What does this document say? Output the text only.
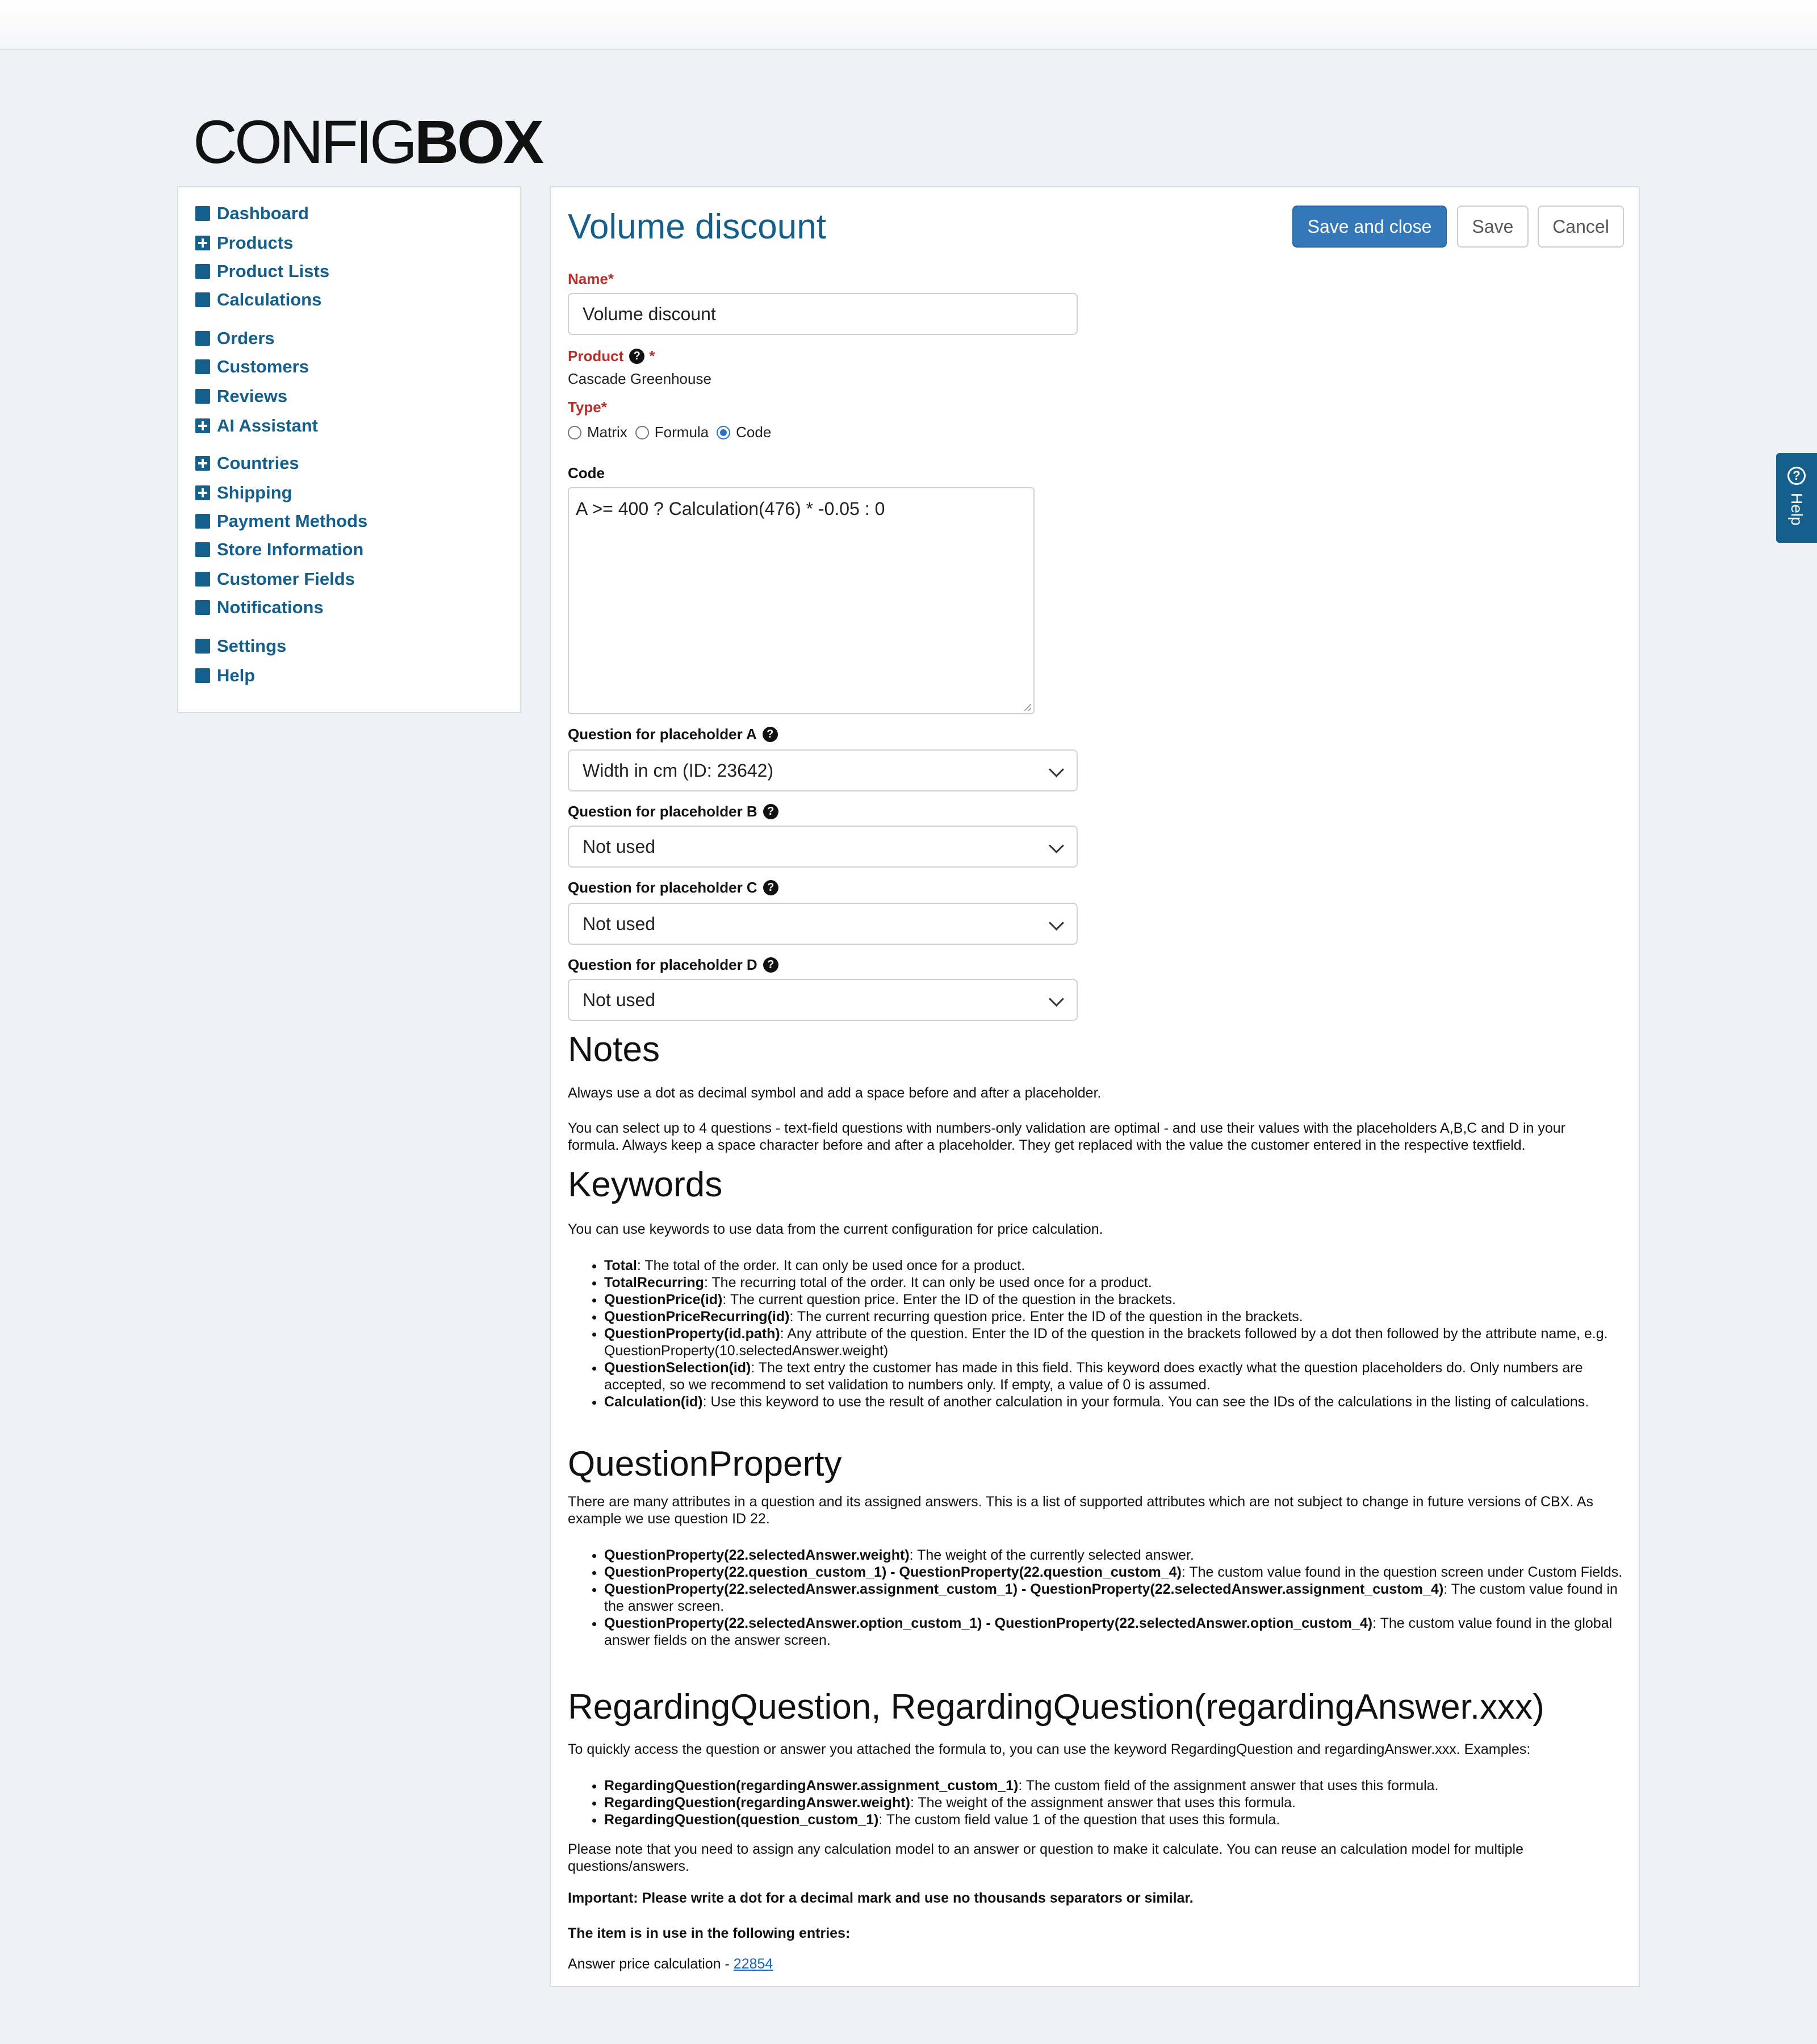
CONFIGBOX
Dashboard
Products
Product Lists
Calculations
Orders
Customers
Reviews
AI Assistant
Countries
Shipping
Payment Methods
Store Information
Customer Fields
Notifications
Settings
Help
Volume discount	Save and close	Save	Cancel
Name*
Volume discount
Product ? *
Cascade Greenhouse
Type*
Matrix Formula Code
Code
A >= 400 ? Calculation(476) * -0.05 : 0
Question for placeholder A ?
Width in cm (ID: 23642)
Question for placeholder B ?
Not used
Question for placeholder C ?
Not used
Question for placeholder D ?
Not used
Notes

Always use a dot as decimal symbol and add a space before and after a placeholder.

You can select up to 4 questions - text-field questions with numbers-only validation are optimal - and use their values with the placeholders A,B,C and D in your formula. Always keep a space character before and after a placeholder. They get replaced with the value the customer entered in the respective textfield.

Keywords

You can use keywords to use data from the current configuration for price calculation.

• Total: The total of the order. It can only be used once for a product.
• TotalRecurring: The recurring total of the order. It can only be used once for a product.
• QuestionPrice(id): The current question price. Enter the ID of the question in the brackets.
• QuestionPriceRecurring(id): The current recurring question price. Enter the ID of the question in the brackets.
• QuestionProperty(id.path): Any attribute of the question. Enter the ID of the question in the brackets followed by a dot then followed by the attribute name, e.g. QuestionProperty(10.selectedAnswer.weight)
• QuestionSelection(id): The text entry the customer has made in this field. This keyword does exactly what the question placeholders do. Only numbers are accepted, so we recommend to set validation to numbers only. If empty, a value of 0 is assumed.
• Calculation(id): Use this keyword to use the result of another calculation in your formula. You can see the IDs of the calculations in the listing of calculations.
QuestionProperty

There are many attributes in a question and its assigned answers. This is a list of supported attributes which are not subject to change in future versions of CBX. As example we use question ID 22.

• QuestionProperty(22.selectedAnswer.weight): The weight of the currently selected answer.
• QuestionProperty(22.question_custom_1) - QuestionProperty(22.question_custom_4): The custom value found in the question screen under Custom Fields.
• QuestionProperty(22.selectedAnswer.assignment_custom_1) - QuestionProperty(22.selectedAnswer.assignment_custom_4): The custom value found in the answer screen.
• QuestionProperty(22.selectedAnswer.option_custom_1) - QuestionProperty(22.selectedAnswer.option_custom_4): The custom value found in the global answer fields on the answer screen.
RegardingQuestion, RegardingQuestion(regardingAnswer.xxx)

To quickly access the question or answer you attached the formula to, you can use the keyword RegardingQuestion and regardingAnswer.xxx. Examples:

• RegardingQuestion(regardingAnswer.assignment_custom_1): The custom field of the assignment answer that uses this formula.
• RegardingQuestion(regardingAnswer.weight): The weight of the assignment answer that uses this formula.
• RegardingQuestion(question_custom_1): The custom field value 1 of the question that uses this formula.

Please note that you need to assign any calculation model to an answer or question to make it calculate. You can reuse an calculation model for multiple questions/answers.

Important: Please write a dot for a decimal mark and use no thousands separators or similar.

The item is in use in the following entries:

Answer price calculation - 22854

?
Help
